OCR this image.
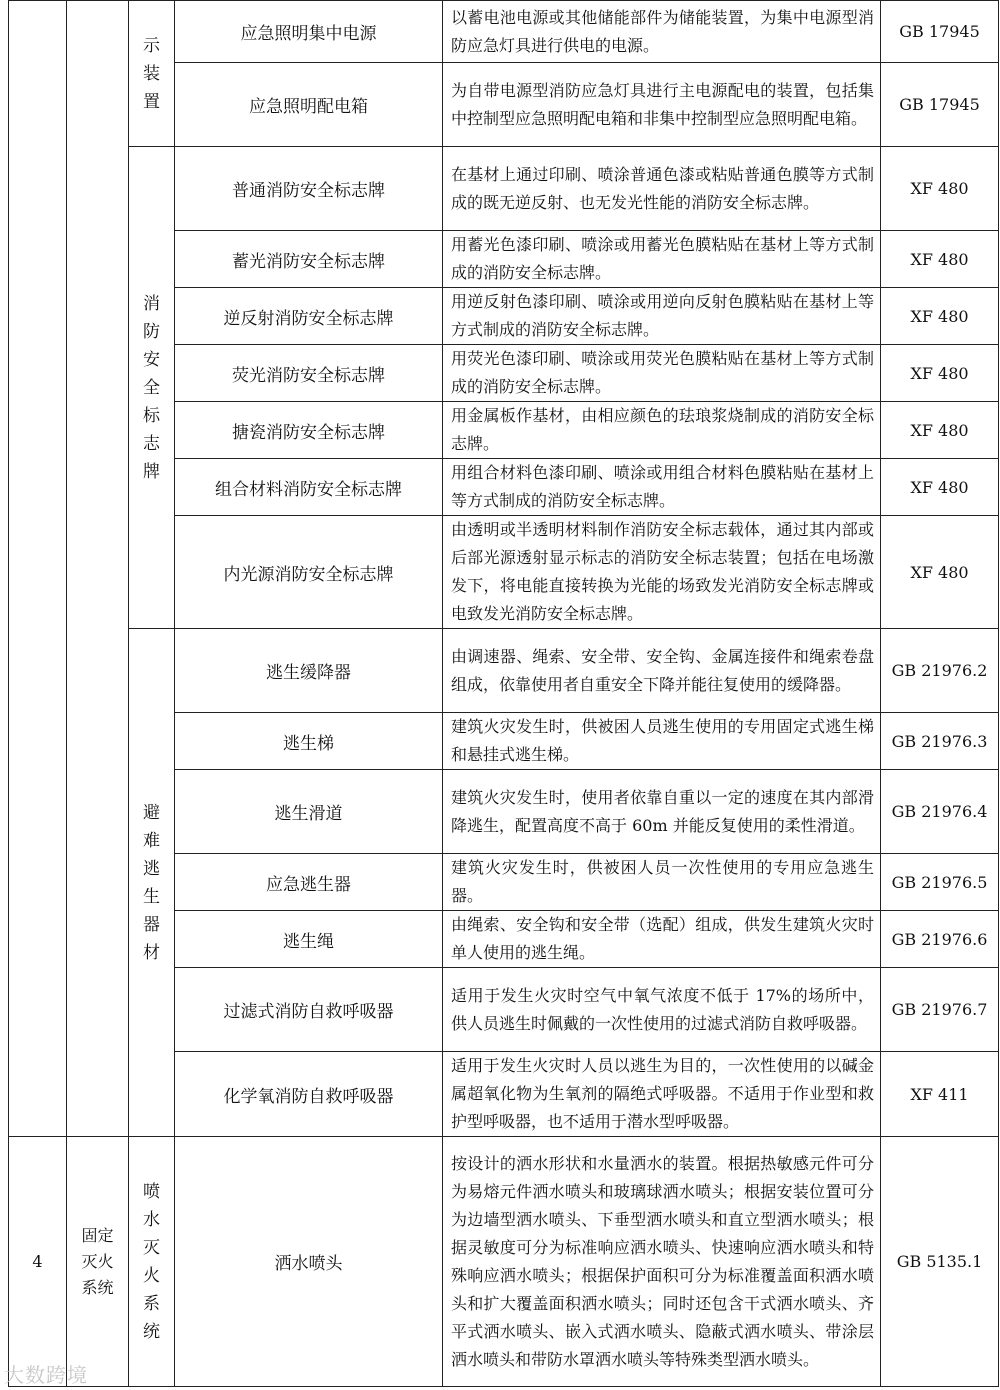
		示装置	应急照明集中电源	以蓄电池电源或其他储能部件为储能装置，为集中电源型消防应急灯具进行供电的电源。	GB 17945
			应急照明配电箱	为自带电源型消防应急灯具进行主电源配电的装置，包括集中控制型应急照明配电箱和非集中控制型应急照明配电箱。	GB 17945
		消防安全标志牌	普通消防安全标志牌	在基材上通过印刷、喷涂普通色漆或粘贴普通色膜等方式制成的既无逆反射、也无发光性能的消防安全标志牌。	XF 480
			蓄光消防安全标志牌	用蓄光色漆印刷、喷涂或用蓄光色膜粘贴在基材上等方式制成的消防安全标志牌。	XF 480
			逆反射消防安全标志牌	用逆反射色漆印刷、喷涂或用逆向反射色膜粘贴在基材上等方式制成的消防安全标志牌。	XF 480
			荧光消防安全标志牌	用荧光色漆印刷、喷涂或用荧光色膜粘贴在基材上等方式制成的消防安全标志牌。	XF 480
			搪瓷消防安全标志牌	用金属板作基材，由相应颜色的珐琅浆烧制成的消防安全标志牌。	XF 480
			组合材料消防安全标志牌	用组合材料色漆印刷、喷涂或用组合材料色膜粘贴在基材上等方式制成的消防安全标志牌。	XF 480
			内光源消防安全标志牌	由透明或半透明材料制作消防安全标志载体，通过其内部或后部光源透射显示标志的消防安全标志装置；包括在电场激发下，将电能直接转换为光能的场致发光消防安全标志牌或电致发光消防安全标志牌。	XF 480
		避难逃生器材	逃生缓降器	由调速器、绳索、安全带、安全钩、金属连接件和绳索卷盘组成，依靠使用者自重安全下降并能往复使用的缓降器。	GB 21976.2
			逃生梯	建筑火灾发生时，供被困人员逃生使用的专用固定式逃生梯和悬挂式逃生梯。	GB 21976.3
			逃生滑道	建筑火灾发生时，使用者依靠自重以一定的速度在其内部滑降逃生，配置高度不高于 60m 并能反复使用的柔性滑道。	GB 21976.4
			应急逃生器	建筑火灾发生时，供被困人员一次性使用的专用应急逃生器。	GB 21976.5
			逃生绳	由绳索、安全钩和安全带（选配）组成，供发生建筑火灾时单人使用的逃生绳。	GB 21976.6
			过滤式消防自救呼吸器	适用于发生火灾时空气中氧气浓度不低于 17%的场所中，供人员逃生时佩戴的一次性使用的过滤式消防自救呼吸器。	GB 21976.7
			化学氧消防自救呼吸器	适用于发生火灾时人员以逃生为目的，一次性使用的以碱金属超氧化物为生氧剂的隔绝式呼吸器。不适用于作业型和救护型呼吸器，也不适用于潜水型呼吸器。	XF 411
4	固定灭火系统	喷水灭火系统	洒水喷头	按设计的洒水形状和水量洒水的装置。根据热敏感元件可分为易熔元件洒水喷头和玻璃球洒水喷头；根据安装位置可分为边墙型洒水喷头、下垂型洒水喷头和直立型洒水喷头；根据灵敏度可分为标准响应洒水喷头、快速响应洒水喷头和特殊响应洒水喷头；根据保护面积可分为标准覆盖面积洒水喷头和扩大覆盖面积洒水喷头；同时还包含干式洒水喷头、齐平式洒水喷头、嵌入式洒水喷头、隐蔽式洒水喷头、带涂层洒水喷头和带防水罩洒水喷头等特殊类型洒水喷头。	GB 5135.1
大数跨境
